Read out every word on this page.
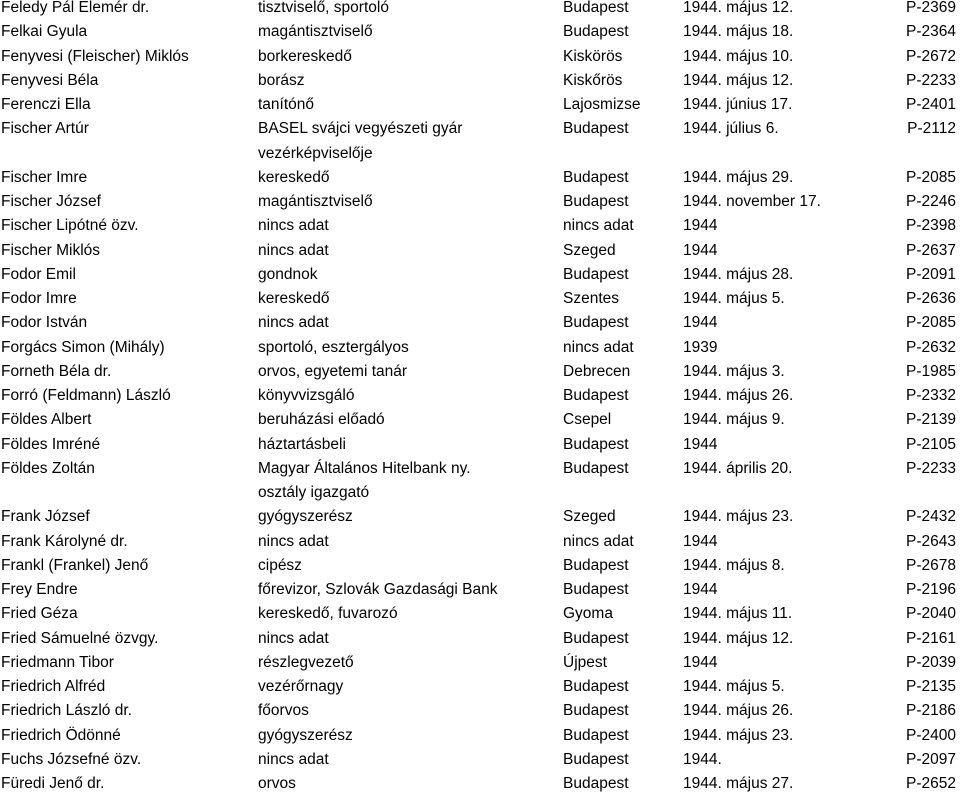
Feledy Pál Elemér dr.	tisztviselő, sportoló	Budapest	1944. május 12.	P-2369
Felkai Gyula	magántisztviselő	Budapest	1944. május 18.	P-2364
Fenyvesi (Fleischer) Miklós	borkereskedő	Kiskörös	1944. május 10.	P-2672
Fenyvesi Béla	borász	Kiskőrös	1944. május 12.	P-2233
Ferenczi Ella	tanítónő	Lajosmizse	1944. június 17.	P-2401
Fischer Artúr	BASEL svájci vegyészeti gyár	Budapest	1944. július 6.	P-2112
vezérképviselője
Fischer Imre	kereskedő	Budapest	1944. május 29.	P-2085
Fischer József	magántisztviselő	Budapest	1944. november 17.	P-2246
Fischer Lipótné özv.	nincs adat	nincs adat	1944	P-2398
Fischer Miklós	nincs adat	Szeged	1944	P-2637
Fodor Emil	gondnok	Budapest	1944. május 28.	P-2091
Fodor Imre	kereskedő	Szentes	1944. május 5.	P-2636
Fodor István	nincs adat	Budapest	1944	P-2085
Forgács Simon (Mihály)	sportoló, esztergályos	nincs adat	1939	P-2632
Forneth Béla dr.	orvos, egyetemi tanár	Debrecen	1944. május 3.	P-1985
Forró (Feldmann) László	könyvvizsgáló	Budapest	1944. május 26.	P-2332
Földes Albert	beruházási előadó	Csepel	1944. május 9.	P-2139
Földes Imréné	háztartásbeli	Budapest	1944	P-2105
Földes Zoltán	Magyar Általános Hitelbank ny.	Budapest	1944. április 20.	P-2233
osztály igazgató
Frank József	gyógyszerész	Szeged	1944. május 23.	P-2432
Frank Károlyné dr.	nincs adat	nincs adat	1944	P-2643
Frankl (Frankel) Jenő	cipész	Budapest	1944. május 8.	P-2678
Frey Endre	főrevizor, Szlovák Gazdasági Bank	Budapest	1944	P-2196
Fried Géza	kereskedő, fuvarozó	Gyoma	1944. május 11.	P-2040
Fried Sámuelné özvgy.	nincs adat	Budapest	1944. május 12.	P-2161
Friedmann Tibor	részlegvezető	Újpest	1944	P-2039
Friedrich Alfréd	vezérőrnagy	Budapest	1944. május 5.	P-2135
Friedrich László dr.	főorvos	Budapest	1944. május 26.	P-2186
Friedrich Ödönné	gyógyszerész	Budapest	1944. május 23.	P-2400
Fuchs Józsefné özv.	nincs adat	Budapest	1944.	P-2097
Füredi Jenő dr.	orvos	Budapest	1944. május 27.	P-2652
